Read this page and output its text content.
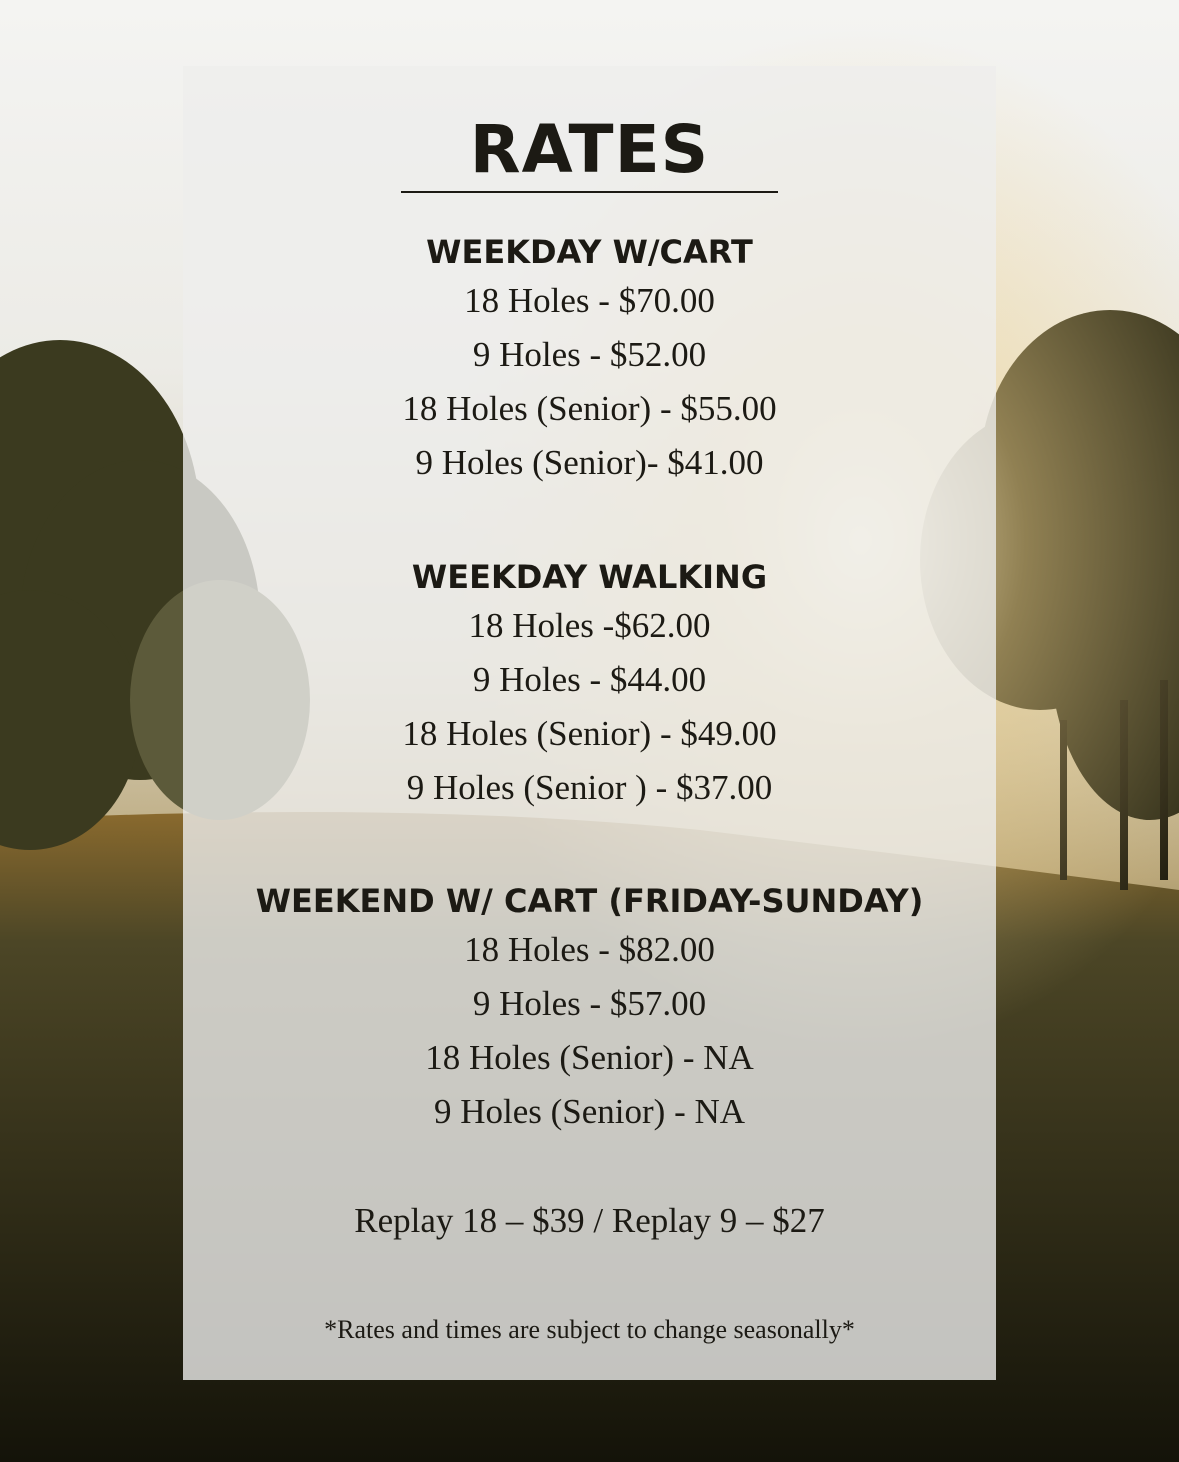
RATES
WEEKDAY W/CART
18 Holes - $70.00
9 Holes - $52.00
18 Holes (Senior) - $55.00
9 Holes (Senior)- $41.00
WEEKDAY WALKING
18 Holes -$62.00
9 Holes - $44.00
18 Holes (Senior) - $49.00
9 Holes (Senior ) - $37.00
WEEKEND W/ CART (FRIDAY-SUNDAY)
18 Holes - $82.00
9 Holes - $57.00
18 Holes (Senior) - NA
9 Holes (Senior) - NA
Replay 18 – $39 / Replay 9 – $27
*Rates and times are subject to change seasonally*
